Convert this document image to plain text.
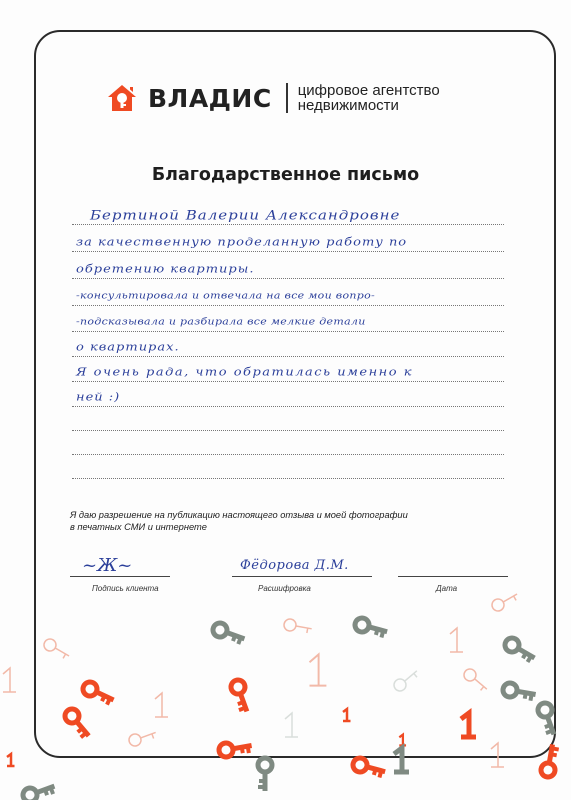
ВЛАДИС цифровое агентство
недвижимости
Благодарственное письмо
Бертиной Валерии Александровне
за качественную проделанную работу по
обретению квартиры.
-консультировала и отвечала на все мои вопро-
-подсказывала и разбирала все мелкие детали
о квартирах.
Я очень рада, что обратилась именно к
ней :)
Я даю разрешение на публикацию настоящего отзыва и моей фотографии
в печатных СМИ и интернете
~Ж~	Фёдорова Д.М.
Подпись клиента	Расшифровка	Дата
